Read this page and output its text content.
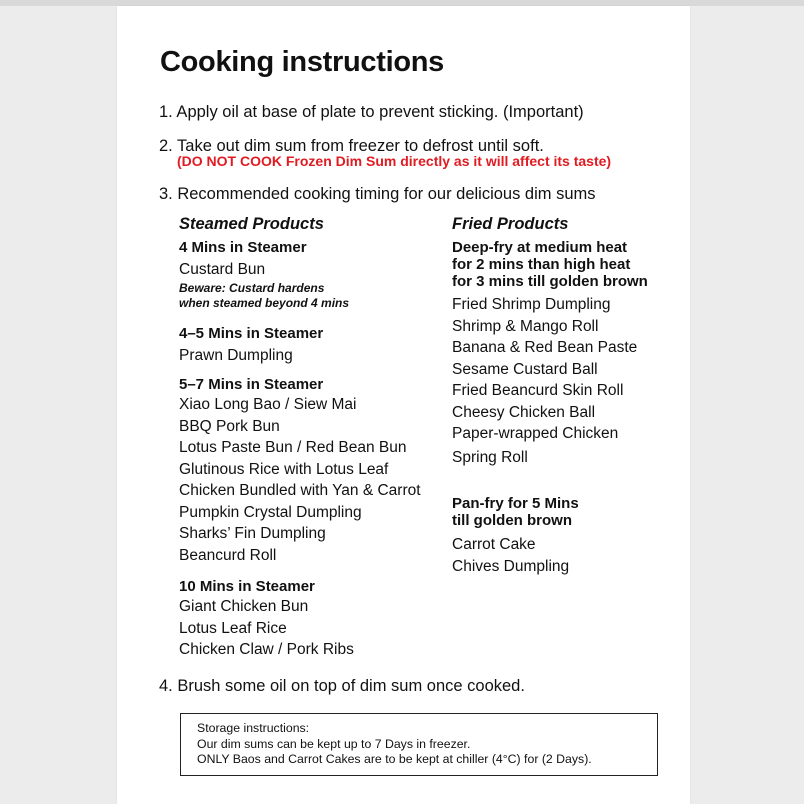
Cooking instructions
1. Apply oil at base of plate to prevent sticking. (Important)
2. Take out dim sum from freezer to defrost until soft.
(DO NOT COOK Frozen Dim Sum directly as it will affect its taste)
3. Recommended cooking timing for our delicious dim sums
Steamed Products
4 Mins in Steamer
Custard Bun
Beware: Custard hardens
when steamed beyond 4 mins
4–5 Mins in Steamer
Prawn Dumpling
5–7 Mins in Steamer
Xiao Long Bao / Siew Mai
BBQ Pork Bun
Lotus Paste Bun / Red Bean Bun
Glutinous Rice with Lotus Leaf
Chicken Bundled with Yan & Carrot
Pumpkin Crystal Dumpling
Sharks’ Fin Dumpling
Beancurd Roll
10 Mins in Steamer
Giant Chicken Bun
Lotus Leaf Rice
Chicken Claw / Pork Ribs
Fried Products
Deep-fry at medium heat
for 2 mins than high heat
for 3 mins till golden brown
Fried Shrimp Dumpling
Shrimp & Mango Roll
Banana & Red Bean Paste
Sesame Custard Ball
Fried Beancurd Skin Roll
Cheesy Chicken Ball
Paper-wrapped Chicken
Spring Roll
Pan-fry for 5 Mins
till golden brown
Carrot Cake
Chives Dumpling
4. Brush some oil on top of dim sum once cooked.
Storage instructions:
Our dim sums can be kept up to 7 Days in freezer.
ONLY Baos and Carrot Cakes are to be kept at chiller (4°C) for (2 Days).
